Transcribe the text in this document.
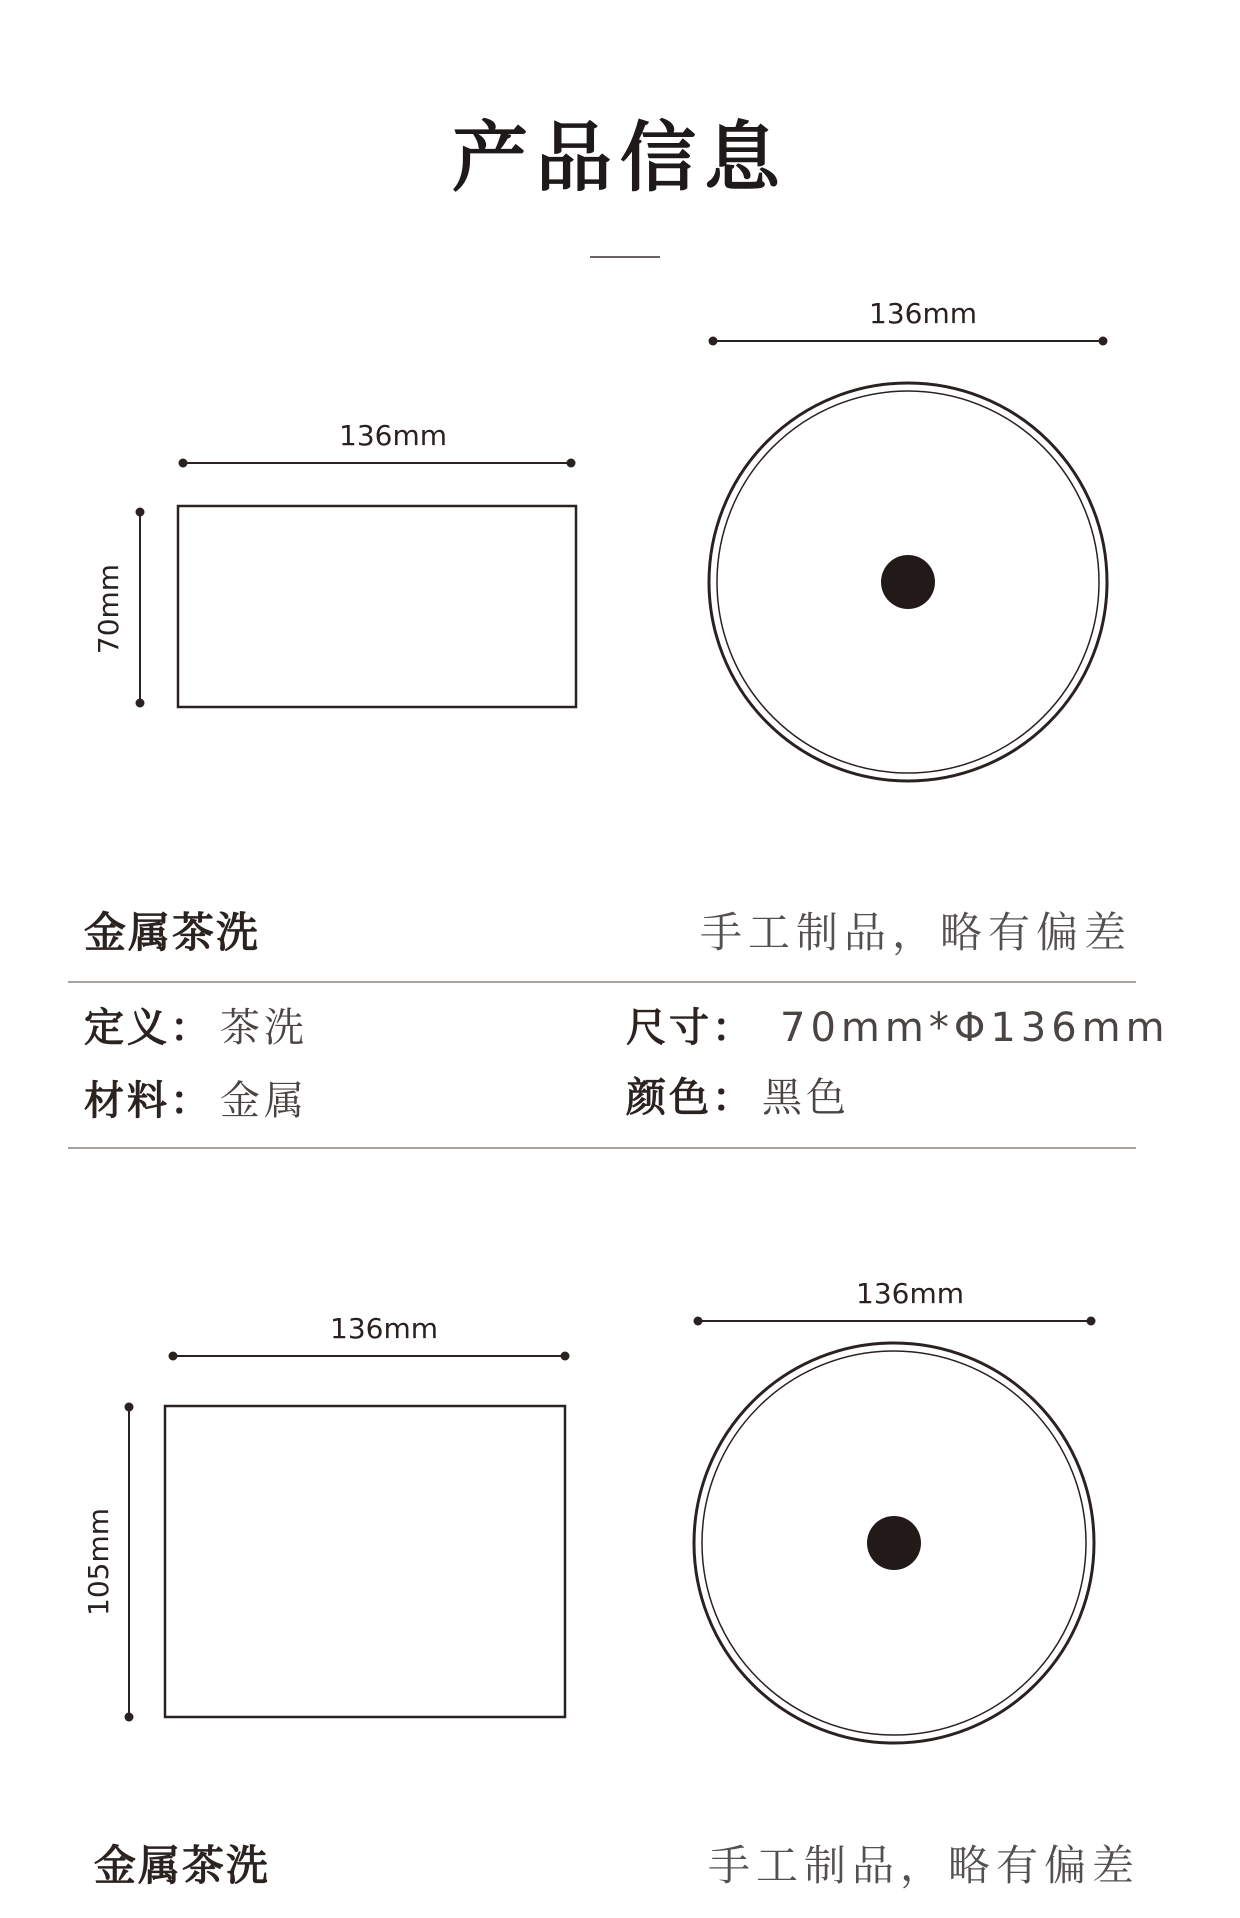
产品信息
136mm
70mm
136mm
136mm
105mm
136mm
金属茶洗	手工制品，略有偏差
定义： 茶洗	尺寸： 70mm*Φ136mm
材料： 金属	颜色： 黑色
金属茶洗	手工制品，略有偏差
